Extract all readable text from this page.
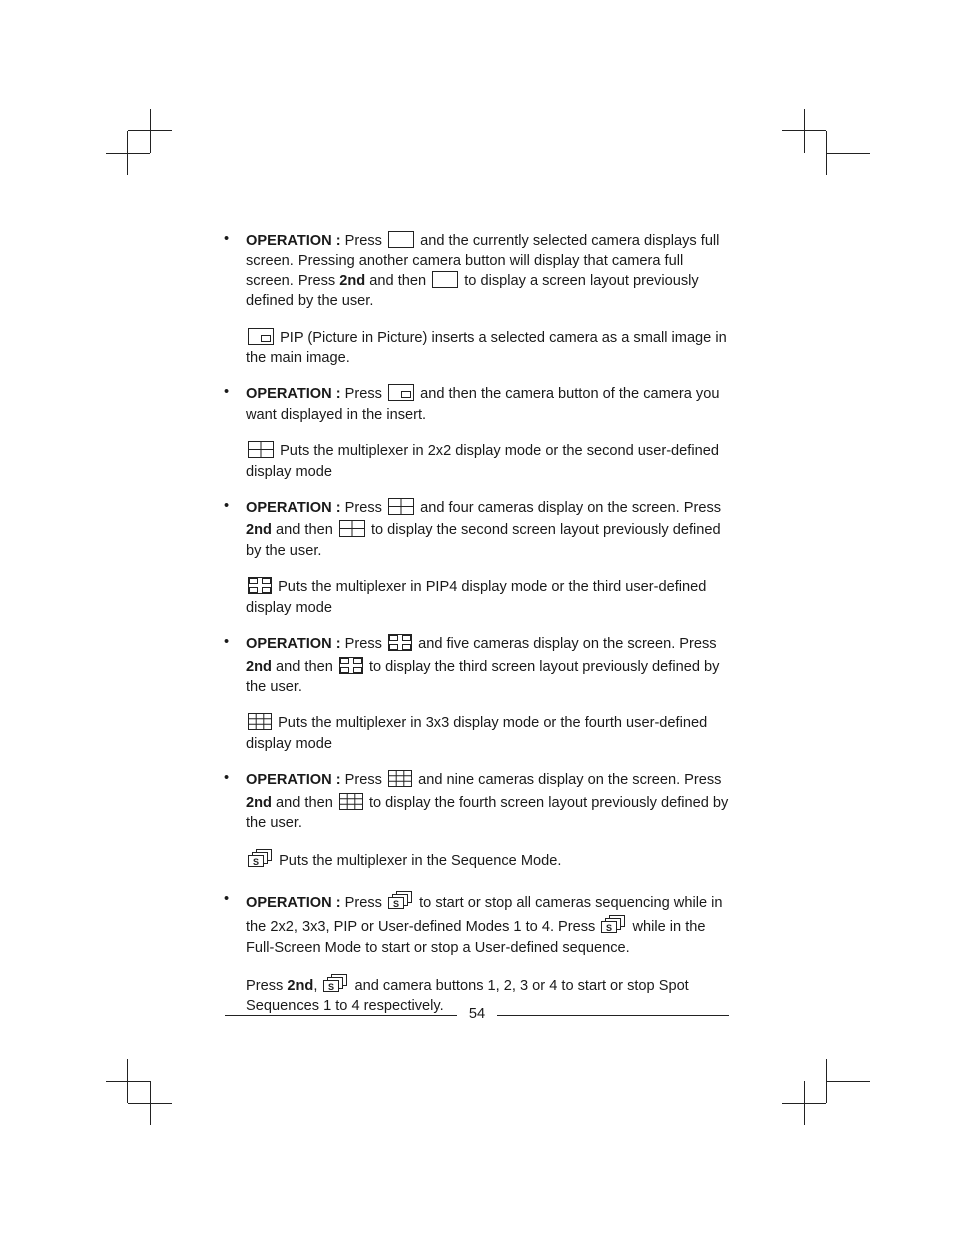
• OPERATION : Press	and the currently selected camera displays full screen. Pressing another camera button will display that camera full screen. Press 2nd and then	to display a screen layout previously defined by the user.
PIP (Picture in Picture) inserts a selected camera as a small image in the main image.
• OPERATION : Press	and then the camera button of the camera you want displayed in the insert.
Puts the multiplexer in 2x2 display mode or the second user-defined display mode
• OPERATION : Press	and four cameras display on the screen. Press 2nd and then	to display the second screen layout previously defined by the user.
Puts the multiplexer in PIP4 display mode or the third user-defined display mode
• OPERATION : Press and five cameras display on the screen. Press 2nd and then to display the third screen layout previously defined by the user.
Puts the multiplexer in 3x3 display mode or the fourth user-defined display mode
• OPERATION : Press and nine cameras display on the screen. Press 2nd and then to display the fourth screen layout previously defined by the user.
S Puts the multiplexer in the Sequence Mode.
• OPERATION : Press S to start or stop all cameras sequencing while in the 2x2, 3x3, PIP or User-defined Modes 1 to 4. Press S while in the Full-Screen Mode to start or stop a User-defined sequence.
Press 2nd, S and camera buttons 1, 2, 3 or 4 to start or stop Spot Sequences 1 to 4 respectively.	54
